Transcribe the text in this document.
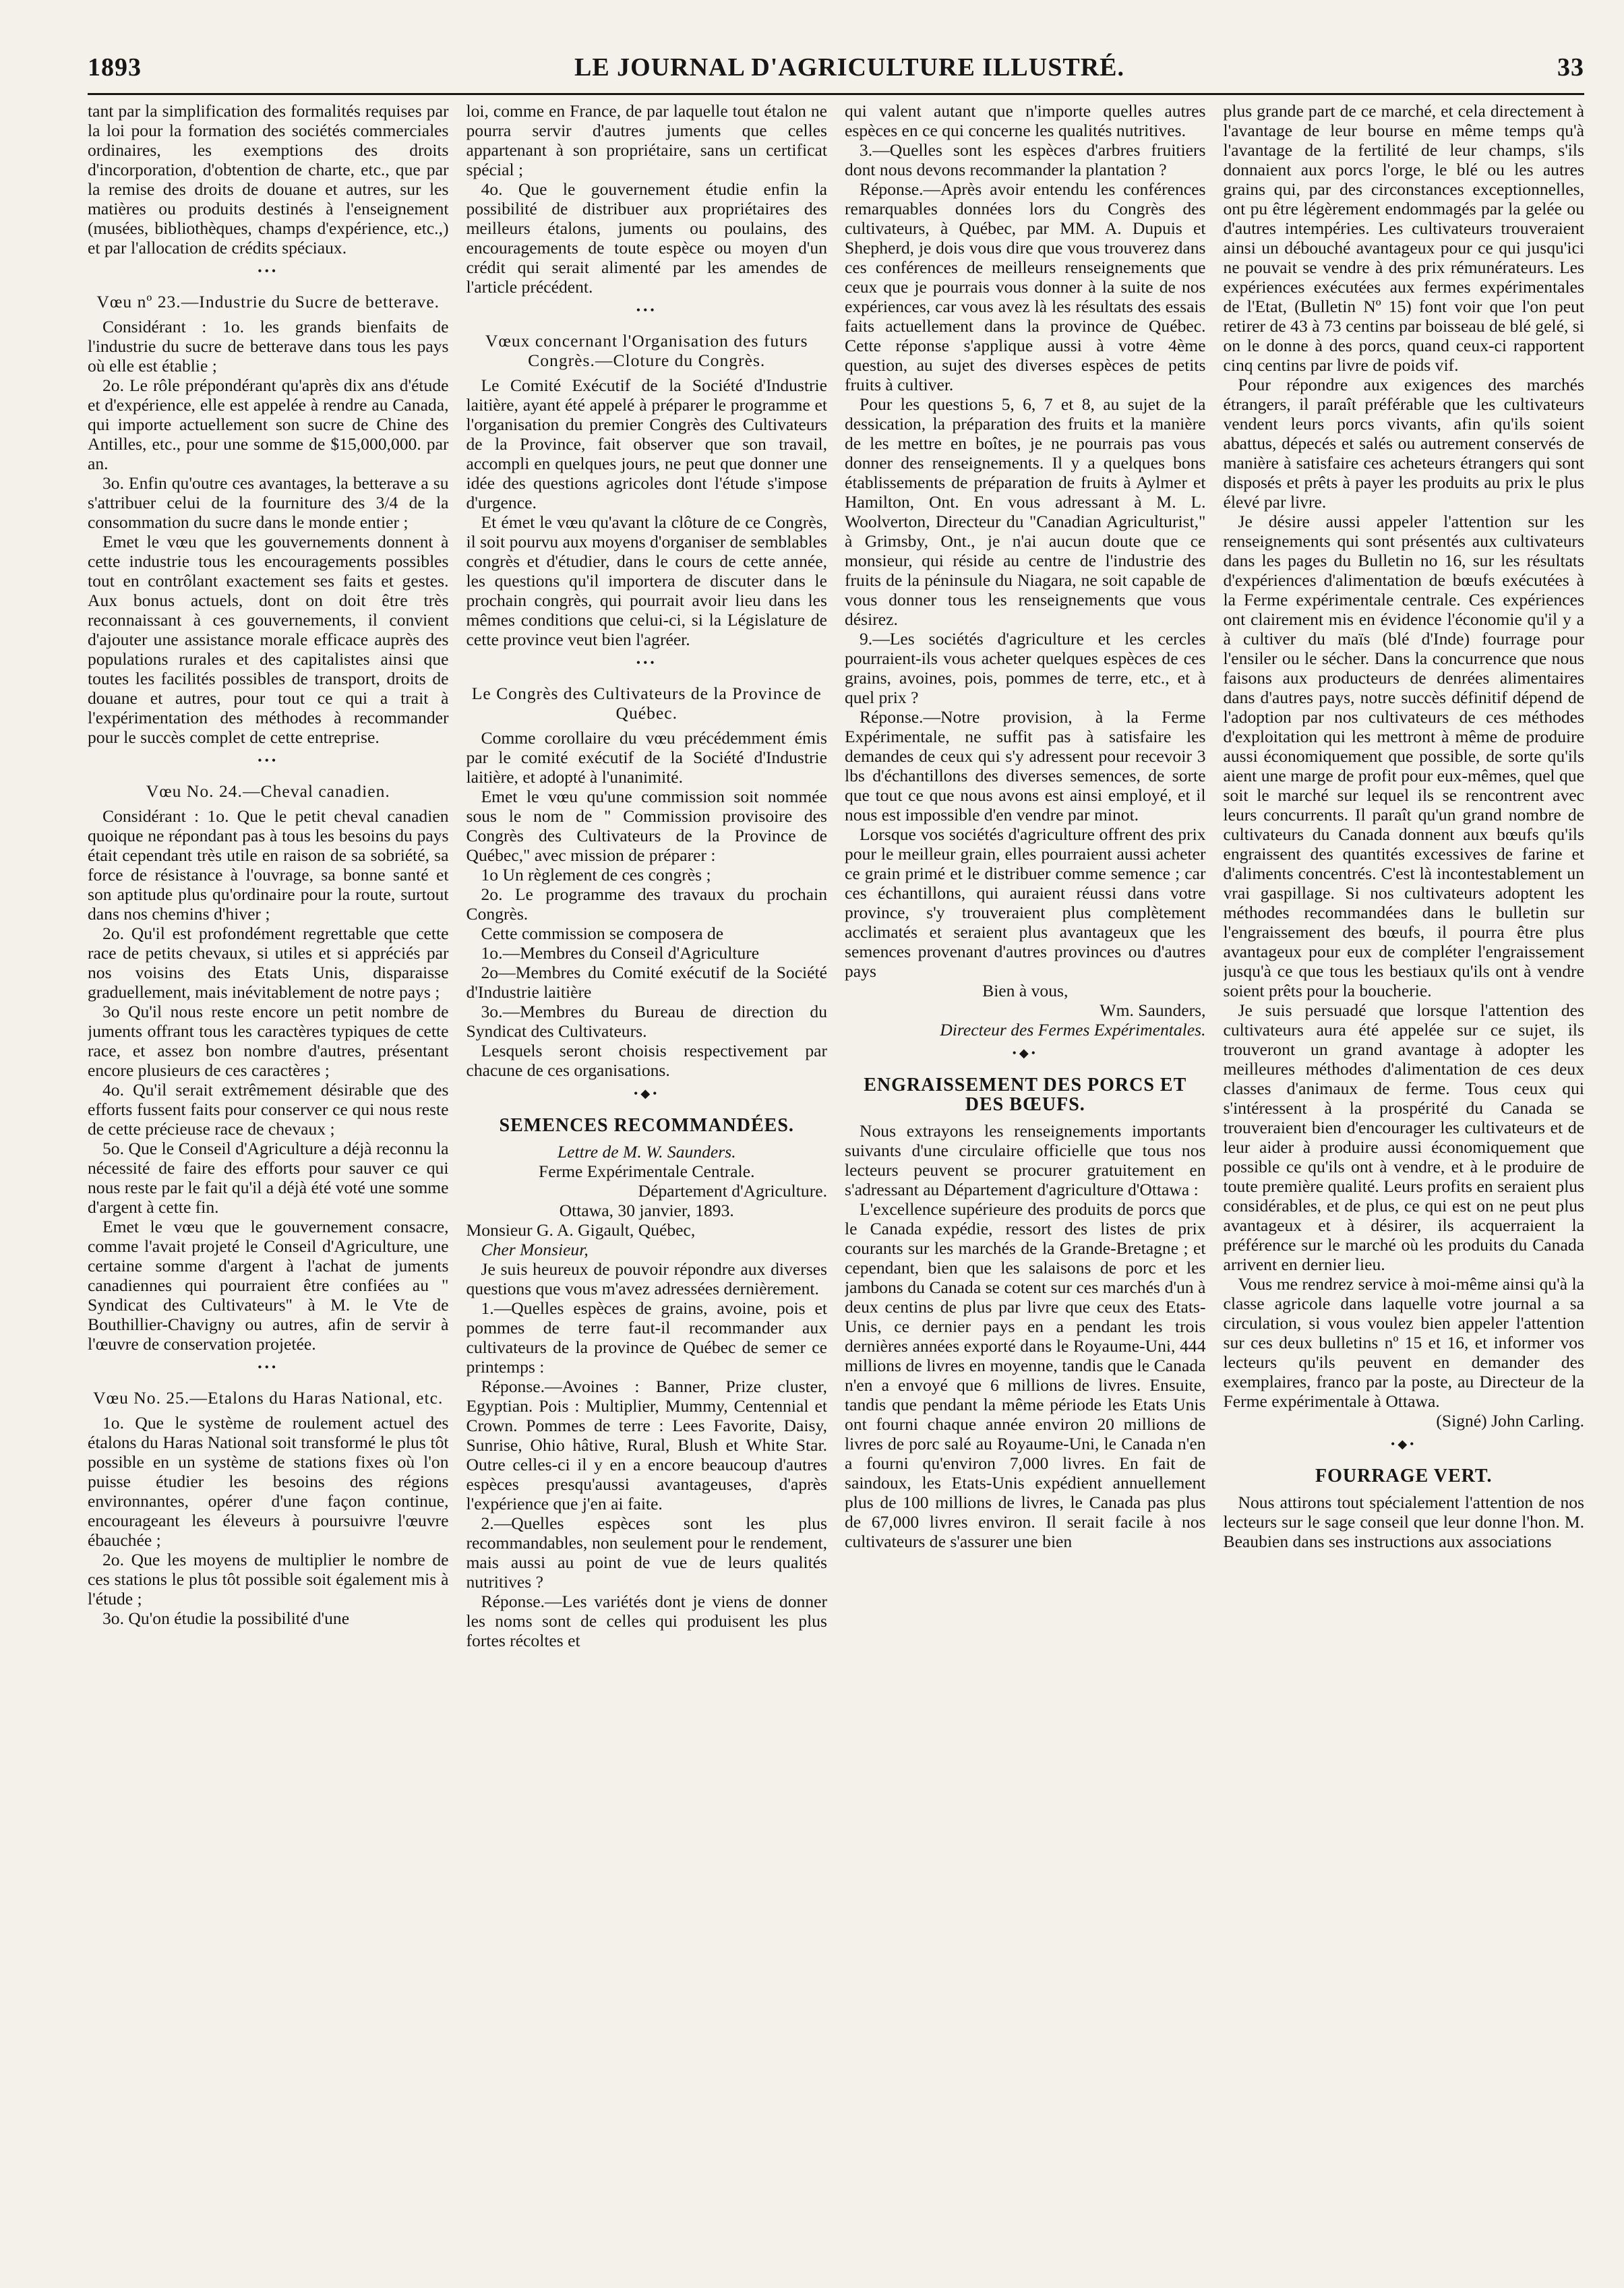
1893	LE JOURNAL D'AGRICULTURE ILLUSTRÉ.	33

tant par la simplification des formalités requises par la loi pour la formation des sociétés commerciales ordinaires, les exemptions des droits d'incorporation, d'obtention de charte, etc., que par la remise des droits de douane et autres, sur les matières ou produits destinés à l'enseignement (musées, bibliothèques, champs d'expérience, etc.,) et par l'allocation de crédits spéciaux.

•••
Vœu nº 23.—Industrie du Sucre de betterave.

Considérant : 1o. les grands bienfaits de l'industrie du sucre de betterave dans tous les pays où elle est établie ;

2o. Le rôle prépondérant qu'après dix ans d'étude et d'expérience, elle est appelée à rendre au Canada, qui importe actuellement son sucre de Chine des Antilles, etc., pour une somme de $15,000,000. par an.

3o. Enfin qu'outre ces avantages, la betterave a su s'attribuer celui de la fourniture des 3/4 de la consommation du sucre dans le monde entier ;

Emet le vœu que les gouvernements donnent à cette industrie tous les encouragements possibles tout en contrôlant exactement ses faits et gestes. Aux bonus actuels, dont on doit être très reconnaissant à ces gouvernements, il convient d'ajouter une assistance morale efficace auprès des populations rurales et des capitalistes ainsi que toutes les facilités possibles de transport, droits de douane et autres, pour tout ce qui a trait à l'expérimentation des méthodes à recommander pour le succès complet de cette entreprise.

•••
Vœu No. 24.—Cheval canadien.

Considérant : 1o. Que le petit cheval canadien quoique ne répondant pas à tous les besoins du pays était cependant très utile en raison de sa sobriété, sa force de résistance à l'ouvrage, sa bonne santé et son aptitude plus qu'ordinaire pour la route, surtout dans nos chemins d'hiver ;

2o. Qu'il est profondément regrettable que cette race de petits chevaux, si utiles et si appréciés par nos voisins des Etats Unis, disparaisse graduellement, mais inévitablement de notre pays ;

3o Qu'il nous reste encore un petit nombre de juments offrant tous les caractères typiques de cette race, et assez bon nombre d'autres, présentant encore plusieurs de ces caractères ;

4o. Qu'il serait extrêmement désirable que des efforts fussent faits pour conserver ce qui nous reste de cette précieuse race de chevaux ;

5o. Que le Conseil d'Agriculture a déjà reconnu la nécessité de faire des efforts pour sauver ce qui nous reste par le fait qu'il a déjà été voté une somme d'argent à cette fin.

Emet le vœu que le gouvernement consacre, comme l'avait projeté le Conseil d'Agriculture, une certaine somme d'argent à l'achat de juments canadiennes qui pourraient être confiées au " Syndicat des Cultivateurs" à M. le Vte de Bouthillier-Chavigny ou autres, afin de servir à l'œuvre de conservation projetée.

•••
Vœu No. 25.—Etalons du Haras National, etc.

1o. Que le système de roulement actuel des étalons du Haras National soit transformé le plus tôt possible en un système de stations fixes où l'on puisse étudier les besoins des régions environnantes, opérer d'une façon continue, encourageant les éleveurs à poursuivre l'œuvre ébauchée ;

2o. Que les moyens de multiplier le nombre de ces stations le plus tôt possible soit également mis à l'étude ;

3o. Qu'on étudie la possibilité d'une

loi, comme en France, de par laquelle tout étalon ne pourra servir d'autres juments que celles appartenant à son propriétaire, sans un certificat spécial ;

4o. Que le gouvernement étudie enfin la possibilité de distribuer aux propriétaires des meilleurs étalons, juments ou poulains, des encouragements de toute espèce ou moyen d'un crédit qui serait alimenté par les amendes de l'article précédent.

•••
Vœux concernant l'Organisation des futurs Congrès.—Cloture du Congrès.

Le Comité Exécutif de la Société d'Industrie laitière, ayant été appelé à préparer le programme et l'organisation du premier Congrès des Cultivateurs de la Province, fait observer que son travail, accompli en quelques jours, ne peut que donner une idée des questions agricoles dont l'étude s'impose d'urgence.

Et émet le vœu qu'avant la clôture de ce Congrès, il soit pourvu aux moyens d'organiser de semblables congrès et d'étudier, dans le cours de cette année, les questions qu'il importera de discuter dans le prochain congrès, qui pourrait avoir lieu dans les mêmes conditions que celui-ci, si la Législature de cette province veut bien l'agréer.

•••
Le Congrès des Cultivateurs de la Province de Québec.

Comme corollaire du vœu précédemment émis par le comité exécutif de la Société d'Industrie laitière, et adopté à l'unanimité.

Emet le vœu qu'une commission soit nommée sous le nom de " Commission provisoire des Congrès des Cultivateurs de la Province de Québec," avec mission de préparer :

1o Un règlement de ces congrès ;

2o. Le programme des travaux du prochain Congrès.

Cette commission se composera de

1o.—Membres du Conseil d'Agriculture

2o—Membres du Comité exécutif de la Société d'Industrie laitière

3o.—Membres du Bureau de direction du Syndicat des Cultivateurs.

Lesquels seront choisis respectivement par chacune de ces organisations.

•◆•
SEMENCES RECOMMANDÉES.

Lettre de M. W. Saunders.

Ferme Expérimentale Centrale.

Département d'Agriculture.

Ottawa, 30 janvier, 1893.

Monsieur G. A. Gigault, Québec,

Cher Monsieur,

Je suis heureux de pouvoir répondre aux diverses questions que vous m'avez adressées dernièrement.

1.—Quelles espèces de grains, avoine, pois et pommes de terre faut-il recommander aux cultivateurs de la province de Québec de semer ce printemps :

Réponse.—Avoines : Banner, Prize cluster, Egyptian. Pois : Multiplier, Mummy, Centennial et Crown. Pommes de terre : Lees Favorite, Daisy, Sunrise, Ohio hâtive, Rural, Blush et White Star. Outre celles-ci il y en a encore beaucoup d'autres espèces presqu'aussi avantageuses, d'après l'expérience que j'en ai faite.

2.—Quelles espèces sont les plus recommandables, non seulement pour le rendement, mais aussi au point de vue de leurs qualités nutritives ?

Réponse.—Les variétés dont je viens de donner les noms sont de celles qui produisent les plus fortes récoltes et

qui valent autant que n'importe quelles autres espèces en ce qui concerne les qualités nutritives.

3.—Quelles sont les espèces d'arbres fruitiers dont nous devons recommander la plantation ?

Réponse.—Après avoir entendu les conférences remarquables données lors du Congrès des cultivateurs, à Québec, par MM. A. Dupuis et Shepherd, je dois vous dire que vous trouverez dans ces conférences de meilleurs renseignements que ceux que je pourrais vous donner à la suite de nos expériences, car vous avez là les résultats des essais faits actuellement dans la province de Québec. Cette réponse s'applique aussi à votre 4ème question, au sujet des diverses espèces de petits fruits à cultiver.

Pour les questions 5, 6, 7 et 8, au sujet de la dessication, la préparation des fruits et la manière de les mettre en boîtes, je ne pourrais pas vous donner des renseignements. Il y a quelques bons établissements de préparation de fruits à Aylmer et Hamilton, Ont. En vous adressant à M. L. Woolverton, Directeur du "Canadian Agriculturist," à Grimsby, Ont., je n'ai aucun doute que ce monsieur, qui réside au centre de l'industrie des fruits de la péninsule du Niagara, ne soit capable de vous donner tous les renseignements que vous désirez.

9.—Les sociétés d'agriculture et les cercles pourraient-ils vous acheter quelques espèces de ces grains, avoines, pois, pommes de terre, etc., et à quel prix ?

Réponse.—Notre provision, à la Ferme Expérimentale, ne suffit pas à satisfaire les demandes de ceux qui s'y adressent pour recevoir 3 lbs d'échantillons des diverses semences, de sorte que tout ce que nous avons est ainsi employé, et il nous est impossible d'en vendre par minot.

Lorsque vos sociétés d'agriculture offrent des prix pour le meilleur grain, elles pourraient aussi acheter ce grain primé et le distribuer comme semence ; car ces échantillons, qui auraient réussi dans votre province, s'y trouveraient plus complètement acclimatés et seraient plus avantageux que les semences provenant d'autres provinces ou d'autres pays

Bien à vous,

Wm. Saunders,

Directeur des Fermes Expérimentales.

•◆•
ENGRAISSEMENT DES PORCS ET DES BŒUFS.

Nous extrayons les renseignements importants suivants d'une circulaire officielle que tous nos lecteurs peuvent se procurer gratuitement en s'adressant au Département d'agriculture d'Ottawa :

L'excellence supérieure des produits de porcs que le Canada expédie, ressort des listes de prix courants sur les marchés de la Grande-Bretagne ; et cependant, bien que les salaisons de porc et les jambons du Canada se cotent sur ces marchés d'un à deux centins de plus par livre que ceux des Etats-Unis, ce dernier pays en a pendant les trois dernières années exporté dans le Royaume-Uni, 444 millions de livres en moyenne, tandis que le Canada n'en a envoyé que 6 millions de livres. Ensuite, tandis que pendant la même période les Etats Unis ont fourni chaque année environ 20 millions de livres de porc salé au Royaume-Uni, le Canada n'en a fourni qu'environ 7,000 livres. En fait de saindoux, les Etats-Unis expédient annuellement plus de 100 millions de livres, le Canada pas plus de 67,000 livres environ. Il serait facile à nos cultivateurs de s'assurer une bien

plus grande part de ce marché, et cela directement à l'avantage de leur bourse en même temps qu'à l'avantage de la fertilité de leur champs, s'ils donnaient aux porcs l'orge, le blé ou les autres grains qui, par des circonstances exceptionnelles, ont pu être légèrement endommagés par la gelée ou d'autres intempéries. Les cultivateurs trouveraient ainsi un débouché avantageux pour ce qui jusqu'ici ne pouvait se vendre à des prix rémunérateurs. Les expériences exécutées aux fermes expérimentales de l'Etat, (Bulletin Nº 15) font voir que l'on peut retirer de 43 à 73 centins par boisseau de blé gelé, si on le donne à des porcs, quand ceux-ci rapportent cinq centins par livre de poids vif.

Pour répondre aux exigences des marchés étrangers, il paraît préférable que les cultivateurs vendent leurs porcs vivants, afin qu'ils soient abattus, dépecés et salés ou autrement conservés de manière à satisfaire ces acheteurs étrangers qui sont disposés et prêts à payer les produits au prix le plus élevé par livre.

Je désire aussi appeler l'attention sur les renseignements qui sont présentés aux cultivateurs dans les pages du Bulletin no 16, sur les résultats d'expériences d'alimentation de bœufs exécutées à la Ferme expérimentale centrale. Ces expériences ont clairement mis en évidence l'économie qu'il y a à cultiver du maïs (blé d'Inde) fourrage pour l'ensiler ou le sécher. Dans la concurrence que nous faisons aux producteurs de denrées alimentaires dans d'autres pays, notre succès définitif dépend de l'adoption par nos cultivateurs de ces méthodes d'exploitation qui les mettront à même de produire aussi économiquement que possible, de sorte qu'ils aient une marge de profit pour eux-mêmes, quel que soit le marché sur lequel ils se rencontrent avec leurs concurrents. Il paraît qu'un grand nombre de cultivateurs du Canada donnent aux bœufs qu'ils engraissent des quantités excessives de farine et d'aliments concentrés. C'est là incontestablement un vrai gaspillage. Si nos cultivateurs adoptent les méthodes recommandées dans le bulletin sur l'engraissement des bœufs, il pourra être plus avantageux pour eux de compléter l'engraissement jusqu'à ce que tous les bestiaux qu'ils ont à vendre soient prêts pour la boucherie.

Je suis persuadé que lorsque l'attention des cultivateurs aura été appelée sur ce sujet, ils trouveront un grand avantage à adopter les meilleures méthodes d'alimentation de ces deux classes d'animaux de ferme. Tous ceux qui s'intéressent à la prospérité du Canada se trouveraient bien d'encourager les cultivateurs et de leur aider à produire aussi économiquement que possible ce qu'ils ont à vendre, et à le produire de toute première qualité. Leurs profits en seraient plus considérables, et de plus, ce qui est on ne peut plus avantageux et à désirer, ils acquerraient la préférence sur le marché où les produits du Canada arrivent en dernier lieu.

Vous me rendrez service à moi-même ainsi qu'à la classe agricole dans laquelle votre journal a sa circulation, si vous voulez bien appeler l'attention sur ces deux bulletins nº 15 et 16, et informer vos lecteurs qu'ils peuvent en demander des exemplaires, franco par la poste, au Directeur de la Ferme expérimentale à Ottawa.

(Signé) John Carling.

•◆•
FOURRAGE VERT.

Nous attirons tout spécialement l'attention de nos lecteurs sur le sage conseil que leur donne l'hon. M. Beaubien dans ses instructions aux associations
